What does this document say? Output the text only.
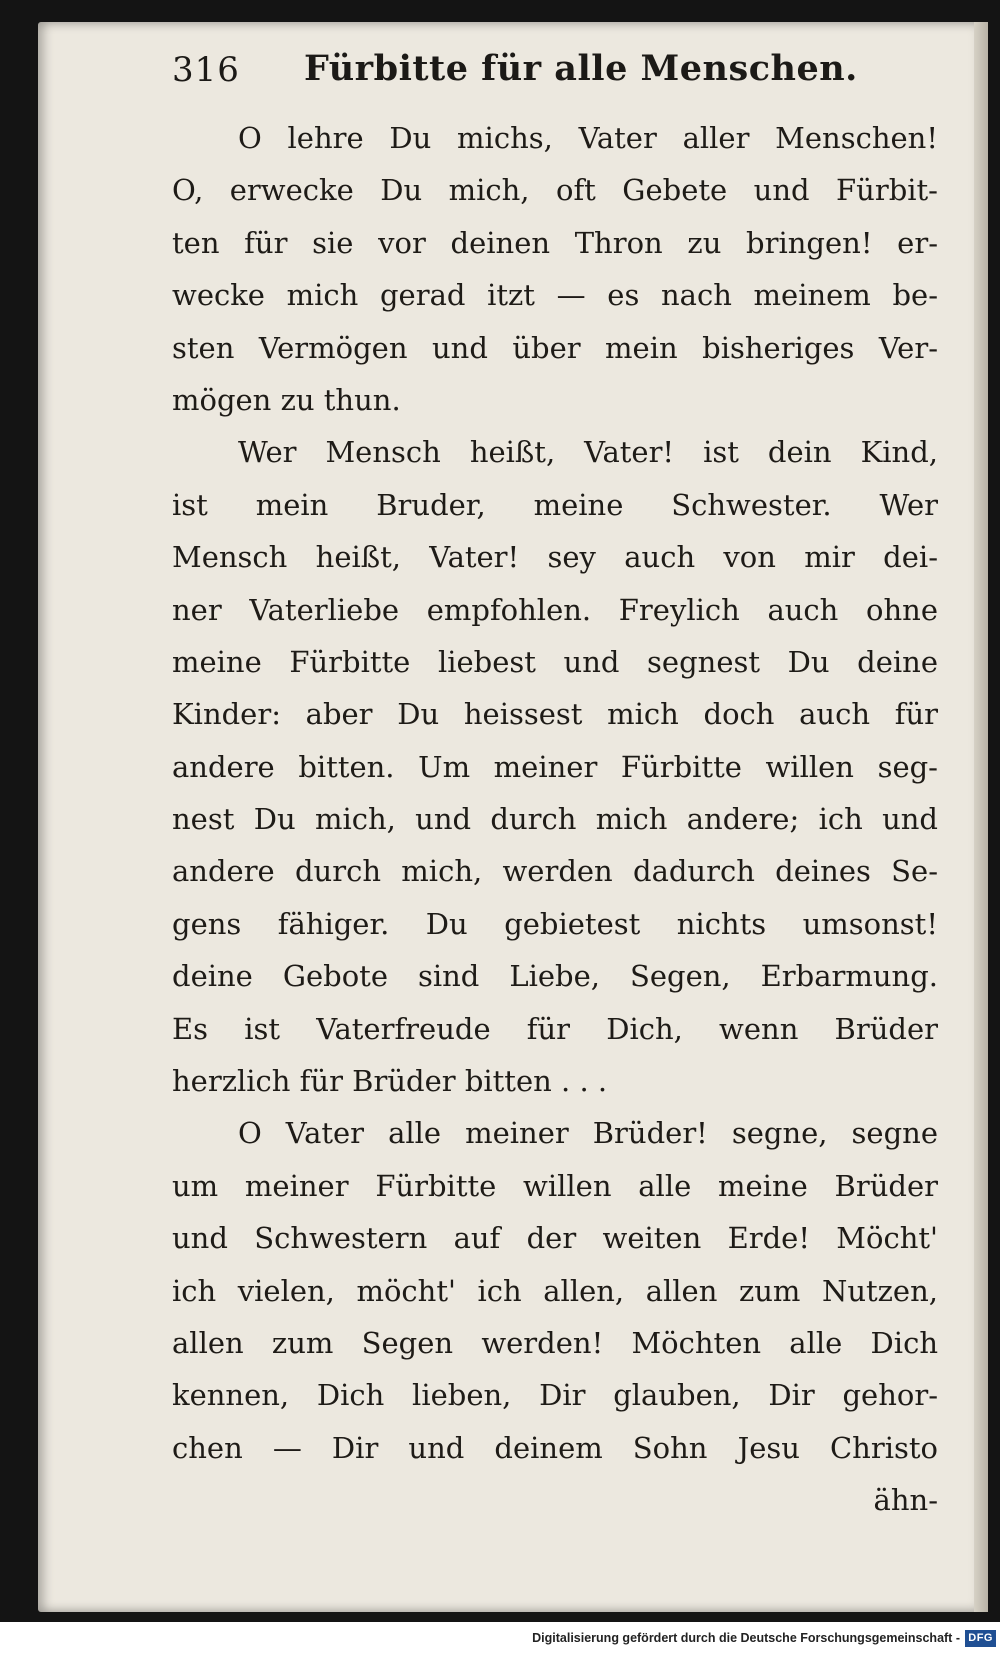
316 Fürbitte für alle Menschen.
O lehre Du michs, Vater aller Menschen!
O, erwecke Du mich, oft Gebete und Fürbit-
ten für sie vor deinen Thron zu bringen! er-
wecke mich gerad itzt — es nach meinem be-
sten Vermögen und über mein bisheriges Ver-
mögen zu thun.
Wer Mensch heißt, Vater! ist dein Kind,
ist mein Bruder, meine Schwester. Wer
Mensch heißt, Vater! sey auch von mir dei-
ner Vaterliebe empfohlen. Freylich auch ohne
meine Fürbitte liebest und segnest Du deine
Kinder: aber Du heissest mich doch auch für
andere bitten. Um meiner Fürbitte willen seg-
nest Du mich, und durch mich andere; ich und
andere durch mich, werden dadurch deines Se-
gens fähiger. Du gebietest nichts umsonst!
deine Gebote sind Liebe, Segen, Erbarmung.
Es ist Vaterfreude für Dich, wenn Brüder
herzlich für Brüder bitten . . .
O Vater alle meiner Brüder! segne, segne
um meiner Fürbitte willen alle meine Brüder
und Schwestern auf der weiten Erde! Möcht'
ich vielen, möcht' ich allen, allen zum Nutzen,
allen zum Segen werden! Möchten alle Dich
kennen, Dich lieben, Dir glauben, Dir gehor-
chen — Dir und deinem Sohn Jesu Christo
ähn-
Digitalisierung gefördert durch die Deutsche Forschungsgemeinschaft - DFG
